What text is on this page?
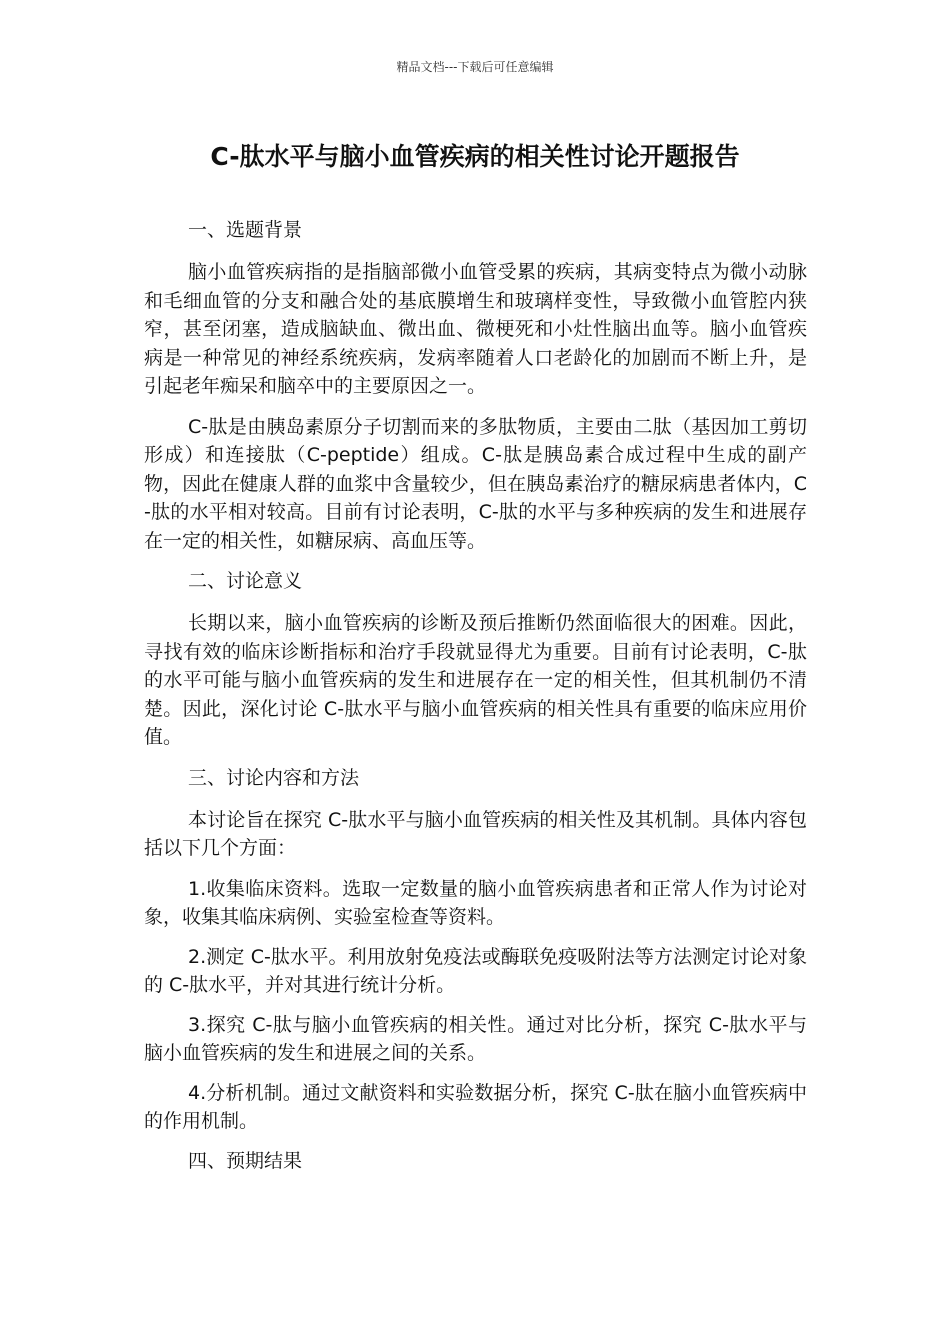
精品文档---下载后可任意编辑
C-肽水平与脑小血管疾病的相关性讨论开题报告
一、选题背景

脑小血管疾病指的是指脑部微小血管受累的疾病，其病变特点为微小动脉和毛细血管的分支和融合处的基底膜增生和玻璃样变性，导致微小血管腔内狭窄，甚至闭塞，造成脑缺血、微出血、微梗死和小灶性脑出血等。脑小血管疾病是一种常见的神经系统疾病，发病率随着人口老龄化的加剧而不断上升，是引起老年痴呆和脑卒中的主要原因之一。

C-肽是由胰岛素原分子切割而来的多肽物质，主要由二肽（基因加工剪切形成）和连接肽（C-peptide）组成。C-肽是胰岛素合成过程中生成的副产物，因此在健康人群的血浆中含量较少，但在胰岛素治疗的糖尿病患者体内，C-肽的水平相对较高。目前有讨论表明，C-肽的水平与多种疾病的发生和进展存在一定的相关性，如糖尿病、高血压等。

二、讨论意义

长期以来，脑小血管疾病的诊断及预后推断仍然面临很大的困难。因此，寻找有效的临床诊断指标和治疗手段就显得尤为重要。目前有讨论表明，C-肽的水平可能与脑小血管疾病的发生和进展存在一定的相关性，但其机制仍不清楚。因此，深化讨论 C-肽水平与脑小血管疾病的相关性具有重要的临床应用价值。

三、讨论内容和方法

本讨论旨在探究 C-肽水平与脑小血管疾病的相关性及其机制。具体内容包括以下几个方面：

1.收集临床资料。选取一定数量的脑小血管疾病患者和正常人作为讨论对象，收集其临床病例、实验室检查等资料。

2.测定 C-肽水平。利用放射免疫法或酶联免疫吸附法等方法测定讨论对象的 C-肽水平，并对其进行统计分析。

3.探究 C-肽与脑小血管疾病的相关性。通过对比分析，探究 C-肽水平与脑小血管疾病的发生和进展之间的关系。

4.分析机制。通过文献资料和实验数据分析，探究 C-肽在脑小血管疾病中的作用机制。

四、预期结果
